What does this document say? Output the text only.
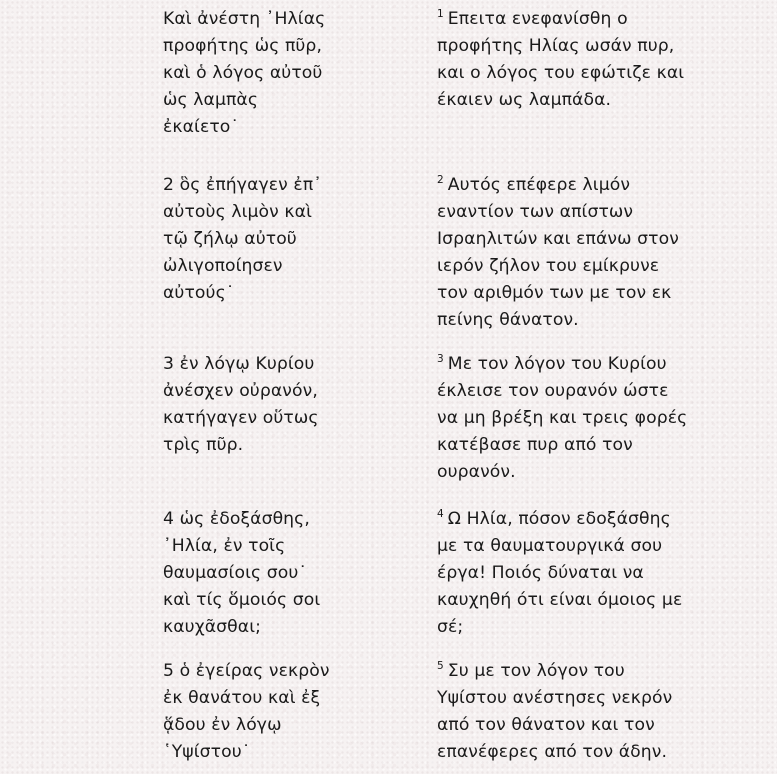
Καὶ ἀνέστη ᾿Ηλίας
προφήτης ὡς πῦρ,
καὶ ὁ λόγος αὐτοῦ
ὡς λαμπὰς
ἐκαίετο˙
$^1$ Επειτα ενεφανίσθη ο
προφήτης Ηλίας ωσάν πυρ,
και ο λόγος του εφώτιζε και
έκαιεν ως λαμπάδα.
2 ὃς ἐπήγαγεν ἐπ᾿
αὐτοὺς λιμὸν καὶ
τῷ ζήλῳ αὐτοῦ
ὠλιγοποίησεν
αὐτούς˙
$^2$ Αυτός επέφερε λιμόν
εναντίον των απίστων
Ισραηλιτών και επάνω στον
ιερόν ζήλον του εμίκρυνε
τον αριθμόν των με τον εκ
πείνης θάνατον.
3 ἐν λόγῳ Κυρίου
ἀνέσχεν οὐρανόν,
κατήγαγεν οὕτως
τρὶς πῦρ.
$^3$ Με τον λόγον του Κυρίου
έκλεισε τον ουρανόν ώστε
να μη βρέξη και τρεις φορές
κατέβασε πυρ από τον
ουρανόν.
4 ὡς ἐδοξάσθης,
᾿Ηλία, ἐν τοῖς
θαυμασίοις σου˙
καὶ τίς ὅμοιός σοι
καυχᾶσθαι;
$^4$ Ω Ηλία, πόσον εδοξάσθης
με τα θαυματουργικά σου
έργα! Ποιός δύναται να
καυχηθή ότι είναι όμοιος με
σέ;
5 ὁ ἐγείρας νεκρὸν
ἐκ θανάτου καὶ ἐξ
ᾅδου ἐν λόγῳ
῾Υψίστου˙
$^5$ Συ με τον λόγον του
Υψίστου ανέστησες νεκρόν
από τον θάνατον και τον
επανέφερες από τον άδην.
